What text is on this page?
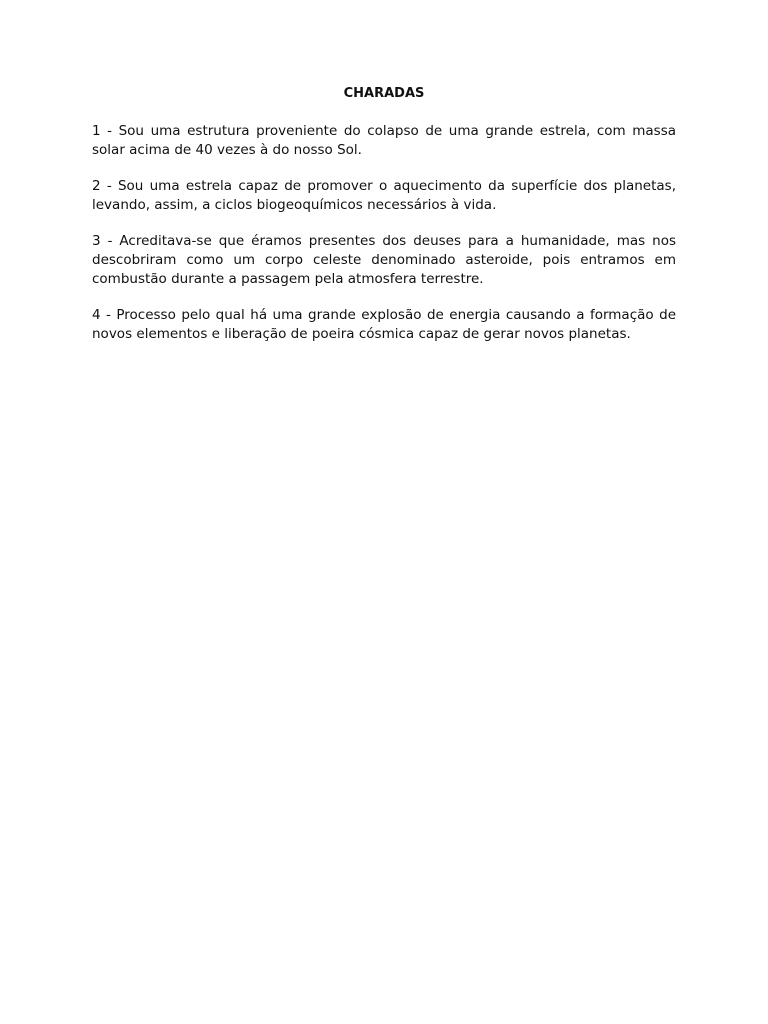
CHARADAS

1 - Sou uma estrutura proveniente do colapso de uma grande estrela, com massa solar acima de 40 vezes à do nosso Sol.

2 - Sou uma estrela capaz de promover o aquecimento da superfície dos planetas, levando, assim, a ciclos biogeoquímicos necessários à vida.

3 - Acreditava-se que éramos presentes dos deuses para a humanidade, mas nos descobriram como um corpo celeste denominado asteroide, pois entramos em combustão durante a passagem pela atmosfera terrestre.

4 - Processo pelo qual há uma grande explosão de energia causando a formação de novos elementos e liberação de poeira cósmica capaz de gerar novos planetas.
